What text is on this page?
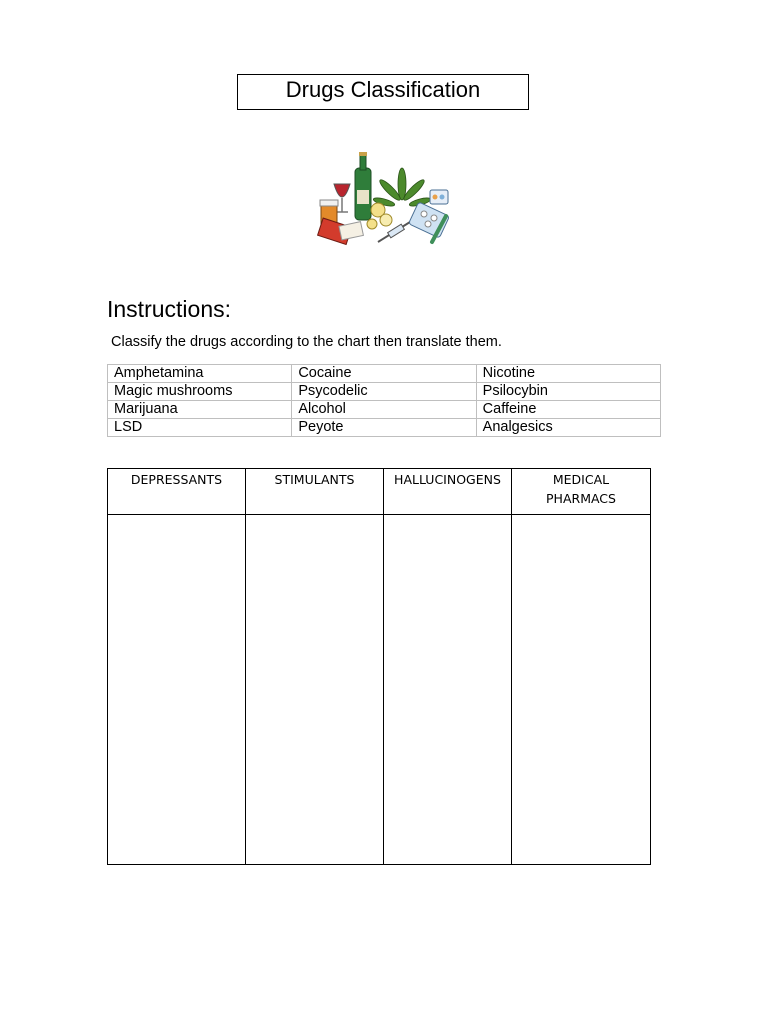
Drugs Classification
Instructions:
Classify the drugs according to the chart then translate them.
Amphetamina	Cocaine	Nicotine
Magic mushrooms	Psycodelic	Psilocybin
Marijuana	Alcohol	Caffeine
LSD	Peyote	Analgesics
DEPRESSANTS	STIMULANTS	HALLUCINOGENS	MEDICAL PHARMACS
